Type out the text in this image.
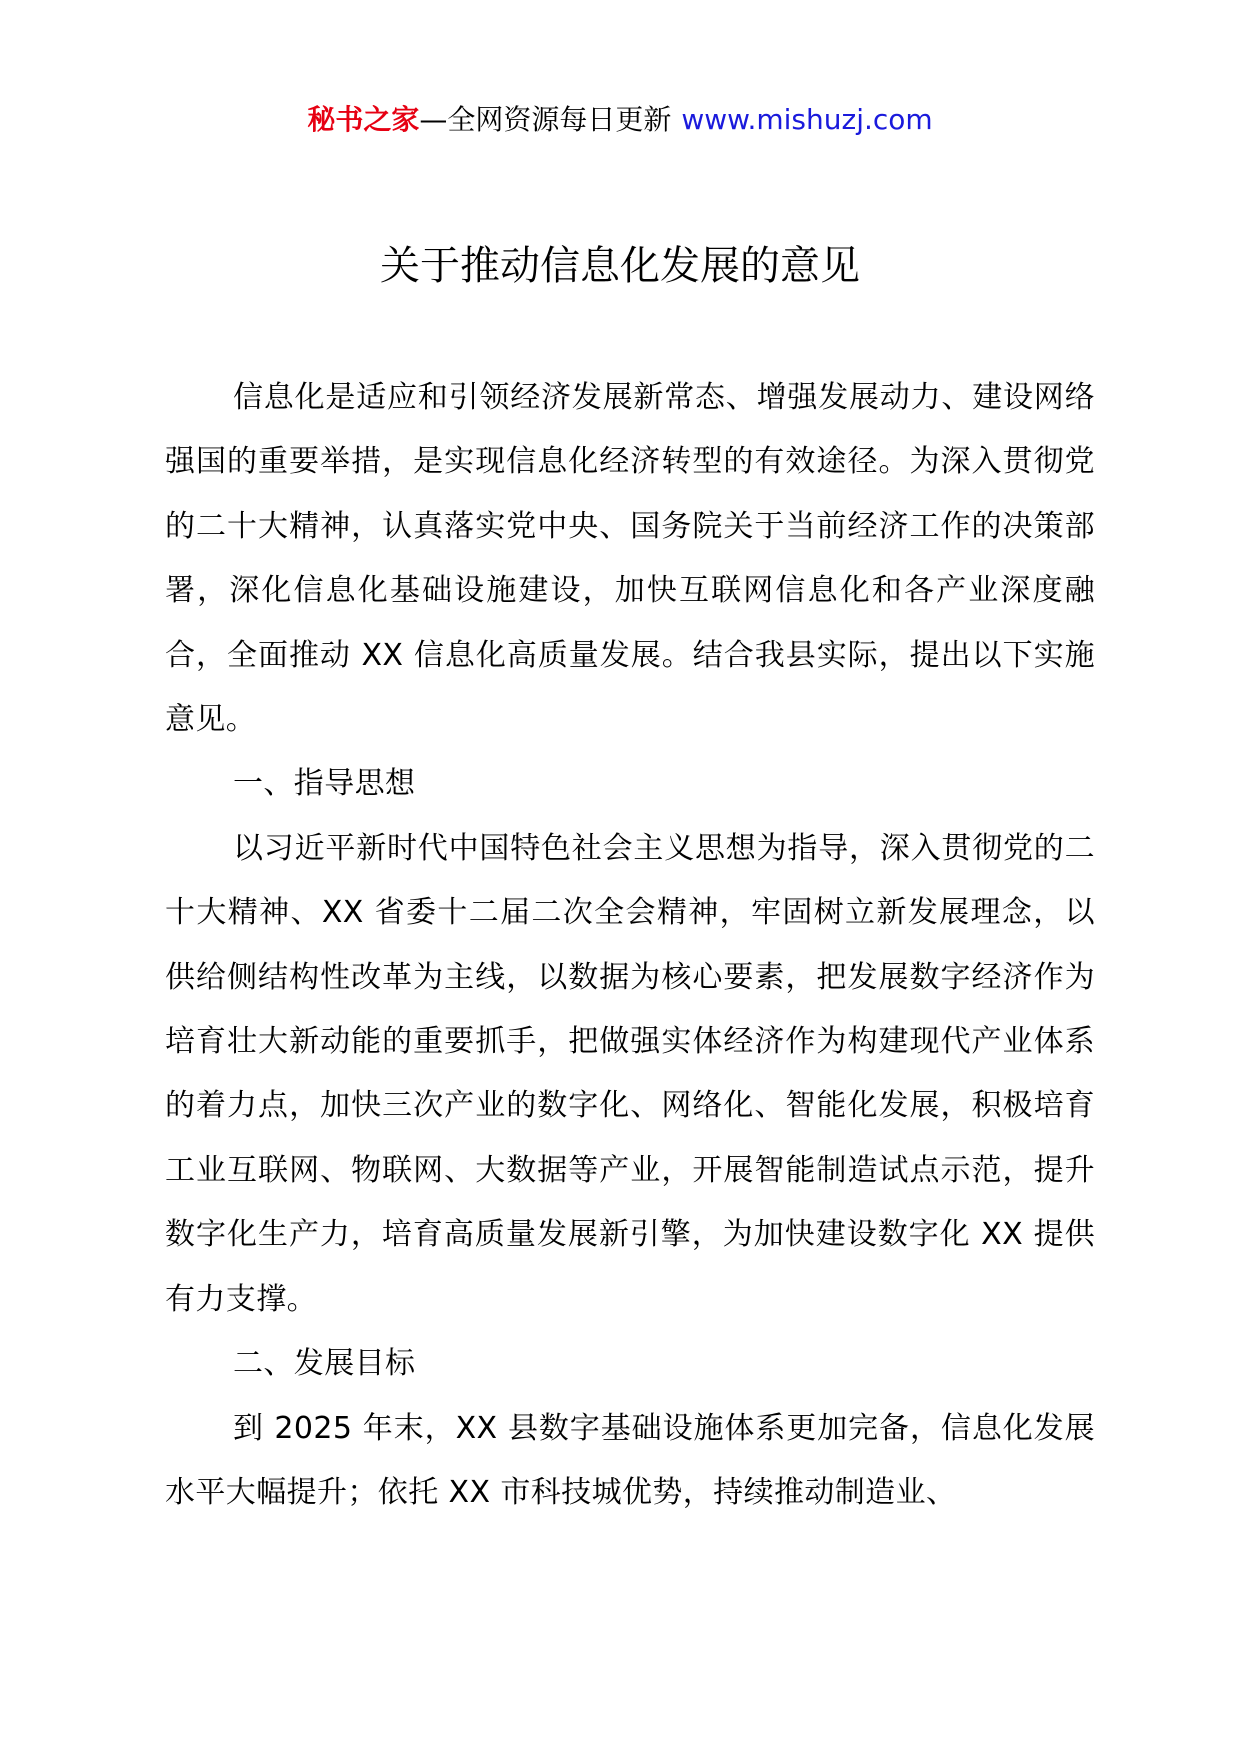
秘书之家—全网资源每日更新 www.mishuzj.com
关于推动信息化发展的意见

信息化是适应和引领经济发展新常态、增强发展动力、建设网络强国的重要举措，是实现信息化经济转型的有效途径。为深入贯彻党的二十大精神，认真落实党中央、国务院关于当前经济工作的决策部署，深化信息化基础设施建设，加快互联网信息化和各产业深度融合，全面推动 XX 信息化高质量发展。结合我县实际，提出以下实施意见。

一、指导思想

以习近平新时代中国特色社会主义思想为指导，深入贯彻党的二十大精神、XX 省委十二届二次全会精神，牢固树立新发展理念，以供给侧结构性改革为主线，以数据为核心要素，把发展数字经济作为培育壮大新动能的重要抓手，把做强实体经济作为构建现代产业体系的着力点，加快三次产业的数字化、网络化、智能化发展，积极培育工业互联网、物联网、大数据等产业，开展智能制造试点示范，提升数字化生产力，培育高质量发展新引擎，为加快建设数字化 XX 提供有力支撑。

二、发展目标

到 2025 年末，XX 县数字基础设施体系更加完备，信息化发展水平大幅提升；依托 XX 市科技城优势，持续推动制造业、
